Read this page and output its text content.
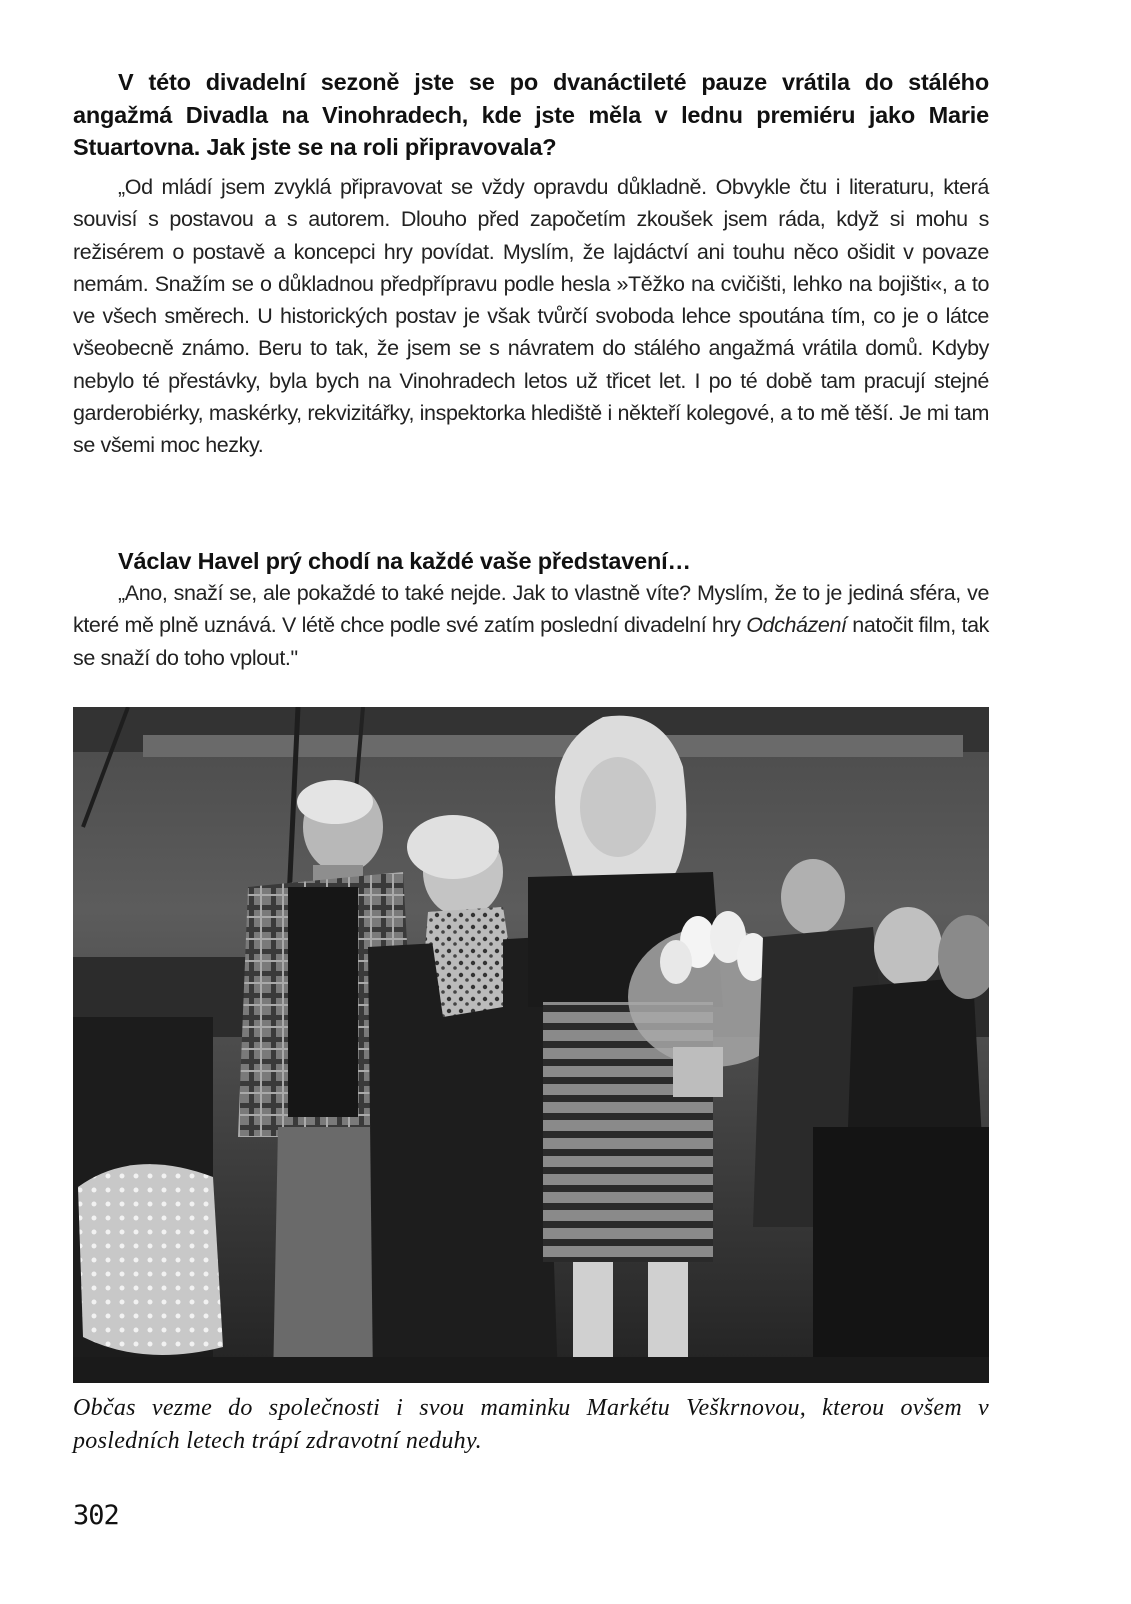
V této divadelní sezoně jste se po dvanáctileté pauze vrátila do stálého angažmá Divadla na Vinohradech, kde jste měla v lednu premiéru jako Marie Stuartovna. Jak jste se na roli připravovala?
„Od mládí jsem zvyklá připravovat se vždy opravdu důkladně. Obvykle čtu i literaturu, která souvisí s postavou a s autorem. Dlouho před započetím zkoušek jsem ráda, když si mohu s režisérem o postavě a koncepci hry povídat. Myslím, že lajdáctví ani touhu něco ošidit v povaze nemám. Snažím se o důkladnou předpřípravu podle hesla »Těžko na cvičišti, lehko na bojišti«, a to ve všech směrech. U historických postav je však tvůrčí svoboda lehce spoutána tím, co je o látce všeobecně známo. Beru to tak, že jsem se s návratem do stálého angažmá vrátila domů. Kdyby nebylo té přestávky, byla bych na Vinohradech letos už třicet let. I po té době tam pracují stejné garderobiérky, maskérky, rekvizitářky, inspektorka hlediště i někteří kolegové, a to mě těší. Je mi tam se všemi moc hezky.
Václav Havel prý chodí na každé vaše představení…
„Ano, snaží se, ale pokaždé to také nejde. Jak to vlastně víte? Myslím, že to je jediná sféra, ve které mě plně uznává. V létě chce podle své zatím poslední divadelní hry Odcházení natočit film, tak se snaží do toho vplout."
Občas vezme do společnosti i svou maminku Markétu Veškrnovou, kterou ovšem v posledních letech trápí zdravotní neduhy.
302
